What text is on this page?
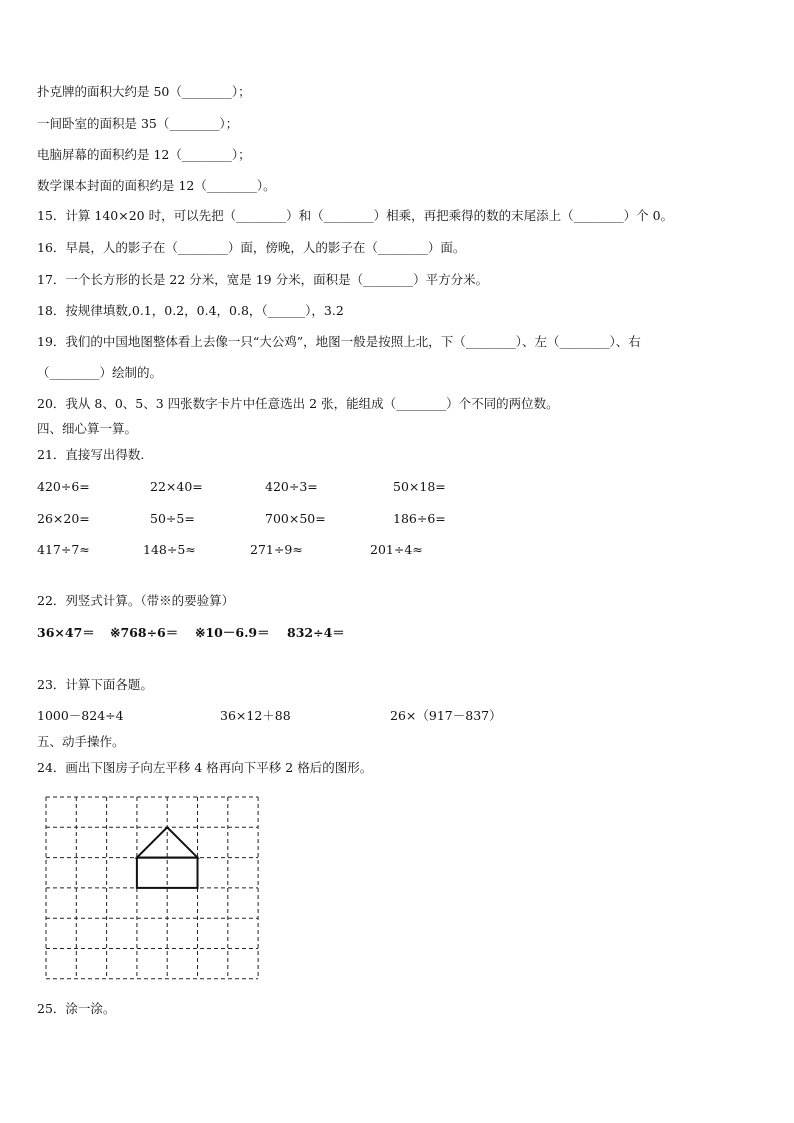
扑克牌的面积大约是 50（________）；
一间卧室的面积是 35（________）；
电脑屏幕的面积约是 12（________）；
数学课本封面的面积约是 12（________）。
15．计算 140×20 时，可以先把（________）和（________）相乘，再把乘得的数的末尾添上（________）个 0。
16．早晨，人的影子在（________）面，傍晚，人的影子在（________）面。
17．一个长方形的长是 22 分米，宽是 19 分米，面积是（________）平方分米。
18．按规律填数,0.1，0.2，0.4，0.8，（______），3.2
19．我们的中国地图整体看上去像一只“大公鸡”，地图一般是按照上北，下（________）、左（________）、右
（________）绘制的。
20．我从 8、0、5、3 四张数字卡片中任意选出 2 张，能组成（________）个不同的两位数。
四、细心算一算。
21．直接写出得数.
420÷6=	22×40=	420÷3=	50×18=
26×20=	50÷5=	700×50=	186÷6=
417÷7≈	148÷5≈	271÷9≈	201÷4≈
22．列竖式计算。（带※的要验算）
36×47＝ ※768÷6＝ ※10－6.9＝ 832÷4＝
23．计算下面各题。
1000－824÷4	36×12＋88	26×（917－837）
五、动手操作。
24．画出下图房子向左平移 4 格再向下平移 2 格后的图形。
25．涂一涂。
